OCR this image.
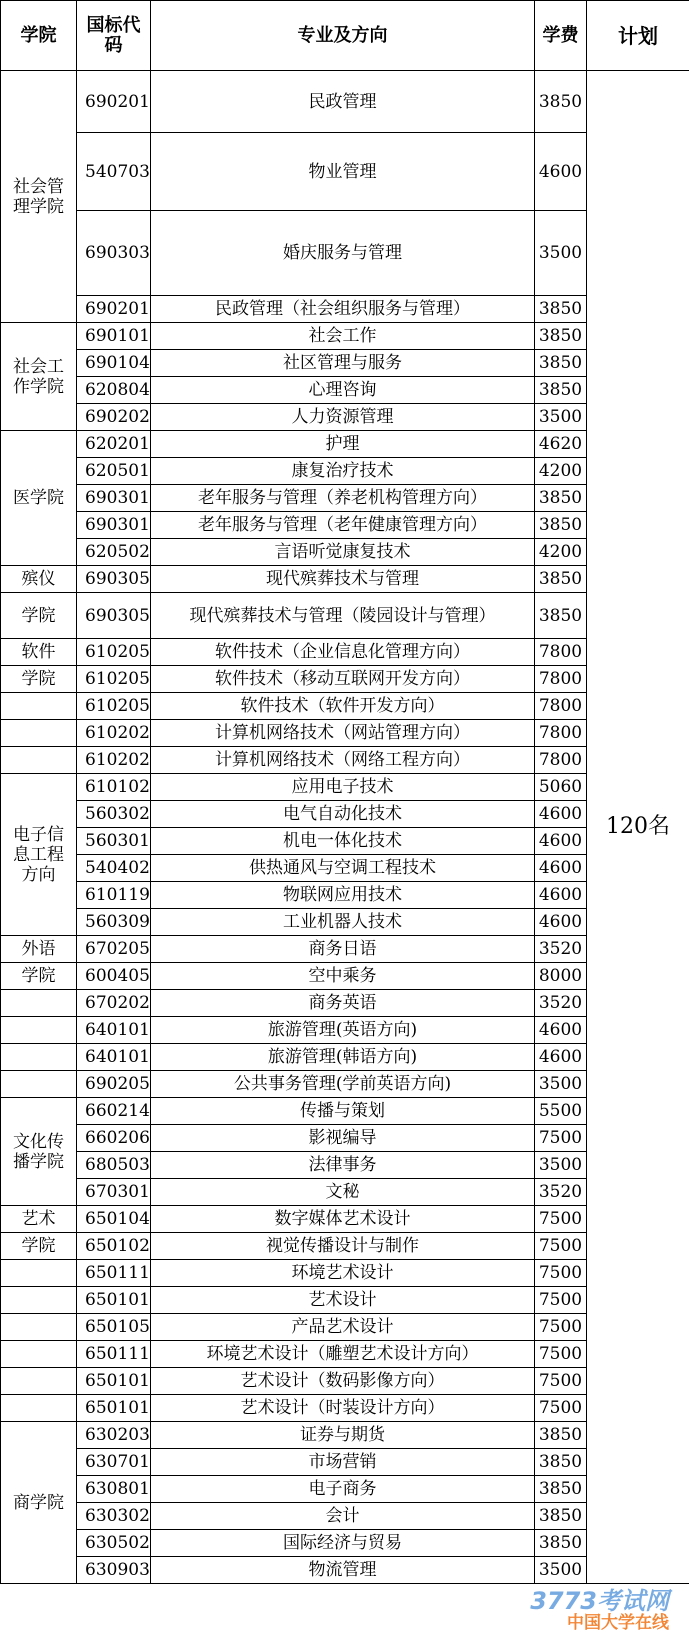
学院	国标代码	专业及方向	学费	计划
社会管理学院	690201	民政管理	3850	120名
	540703	物业管理	4600	
	690303	婚庆服务与管理	3500	
	690201	民政管理（社会组织服务与管理）	3850	
社会工作学院	690101	社会工作	3850	
	690104	社区管理与服务	3850	
	620804	心理咨询	3850	
	690202	人力资源管理	3500	
医学院	620201	护理	4620	
	620501	康复治疗技术	4200	
	690301	老年服务与管理（养老机构管理方向）	3850	
	690301	老年服务与管理（老年健康管理方向）	3850	
	620502	言语听觉康复技术	4200	
殡仪	690305	现代殡葬技术与管理	3850	
学院	690305	现代殡葬技术与管理（陵园设计与管理）	3850	
软件	610205	软件技术（企业信息化管理方向）	7800	
学院	610205	软件技术（移动互联网开发方向）	7800	
	610205	软件技术（软件开发方向）	7800	
	610202	计算机网络技术（网站管理方向）	7800	
	610202	计算机网络技术（网络工程方向）	7800	
电子信息工程方向	610102	应用电子技术	5060	
	560302	电气自动化技术	4600	
	560301	机电一体化技术	4600	
	540402	供热通风与空调工程技术	4600	
	610119	物联网应用技术	4600	
	560309	工业机器人技术	4600	
外语	670205	商务日语	3520	
学院	600405	空中乘务	8000	
	670202	商务英语	3520	
	640101	旅游管理(英语方向)	4600	
	640101	旅游管理(韩语方向)	4600	
	690205	公共事务管理(学前英语方向)	3500	
文化传播学院	660214	传播与策划	5500	
	660206	影视编导	7500	
	680503	法律事务	3500	
	670301	文秘	3520	
艺术	650104	数字媒体艺术设计	7500	
学院	650102	视觉传播设计与制作	7500	
	650111	环境艺术设计	7500	
	650101	艺术设计	7500	
	650105	产品艺术设计	7500	
	650111	环境艺术设计（雕塑艺术设计方向）	7500	
	650101	艺术设计（数码影像方向）	7500	
	650101	艺术设计（时装设计方向）	7500	
商学院	630203	证券与期货	3850	
	630701	市场营销	3850	
	630801	电子商务	3850	
	630302	会计	3850	
	630502	国际经济与贸易	3850	
	630903	物流管理	3500	
3773考试网
中国大学在线
